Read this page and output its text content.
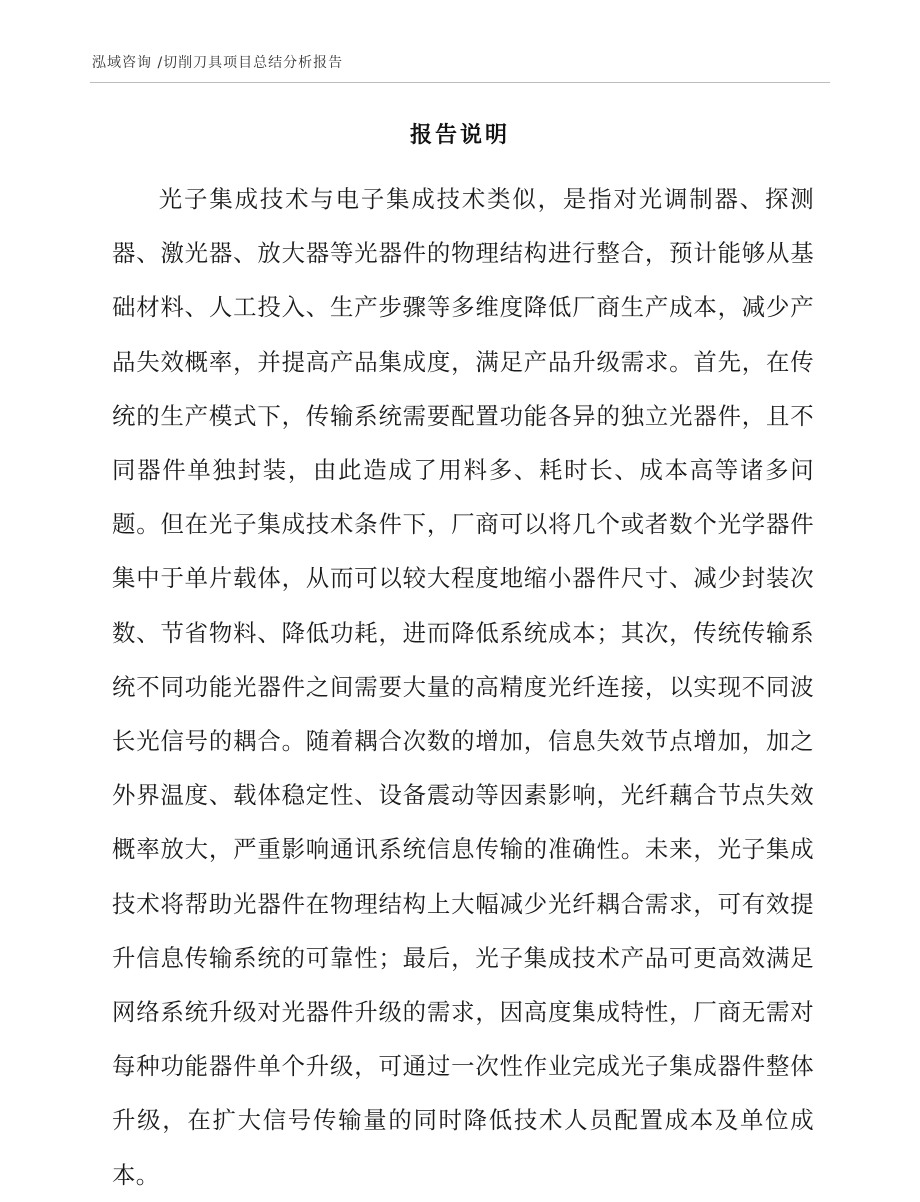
泓域咨询 /切削刀具项目总结分析报告
报告说明

光子集成技术与电子集成技术类似，是指对光调制器、探测器、激光器、放大器等光器件的物理结构进行整合，预计能够从基础材料、人工投入、生产步骤等多维度降低厂商生产成本，减少产品失效概率，并提高产品集成度，满足产品升级需求。首先，在传统的生产模式下，传输系统需要配置功能各异的独立光器件，且不同器件单独封装，由此造成了用料多、耗时长、成本高等诸多问题。但在光子集成技术条件下，厂商可以将几个或者数个光学器件集中于单片载体，从而可以较大程度地缩小器件尺寸、减少封装次数、节省物料、降低功耗，进而降低系统成本；其次，传统传输系统不同功能光器件之间需要大量的高精度光纤连接，以实现不同波长光信号的耦合。随着耦合次数的增加，信息失效节点增加，加之外界温度、载体稳定性、设备震动等因素影响，光纤藕合节点失效概率放大，严重影响通讯系统信息传输的准确性。未来，光子集成技术将帮助光器件在物理结构上大幅减少光纤耦合需求，可有效提升信息传输系统的可靠性；最后，光子集成技术产品可更高效满足网络系统升级对光器件升级的需求，因高度集成特性，厂商无需对每种功能器件单个升级，可通过一次性作业完成光子集成器件整体升级，在扩大信号传输量的同时降低技术人员配置成本及单位成本。
